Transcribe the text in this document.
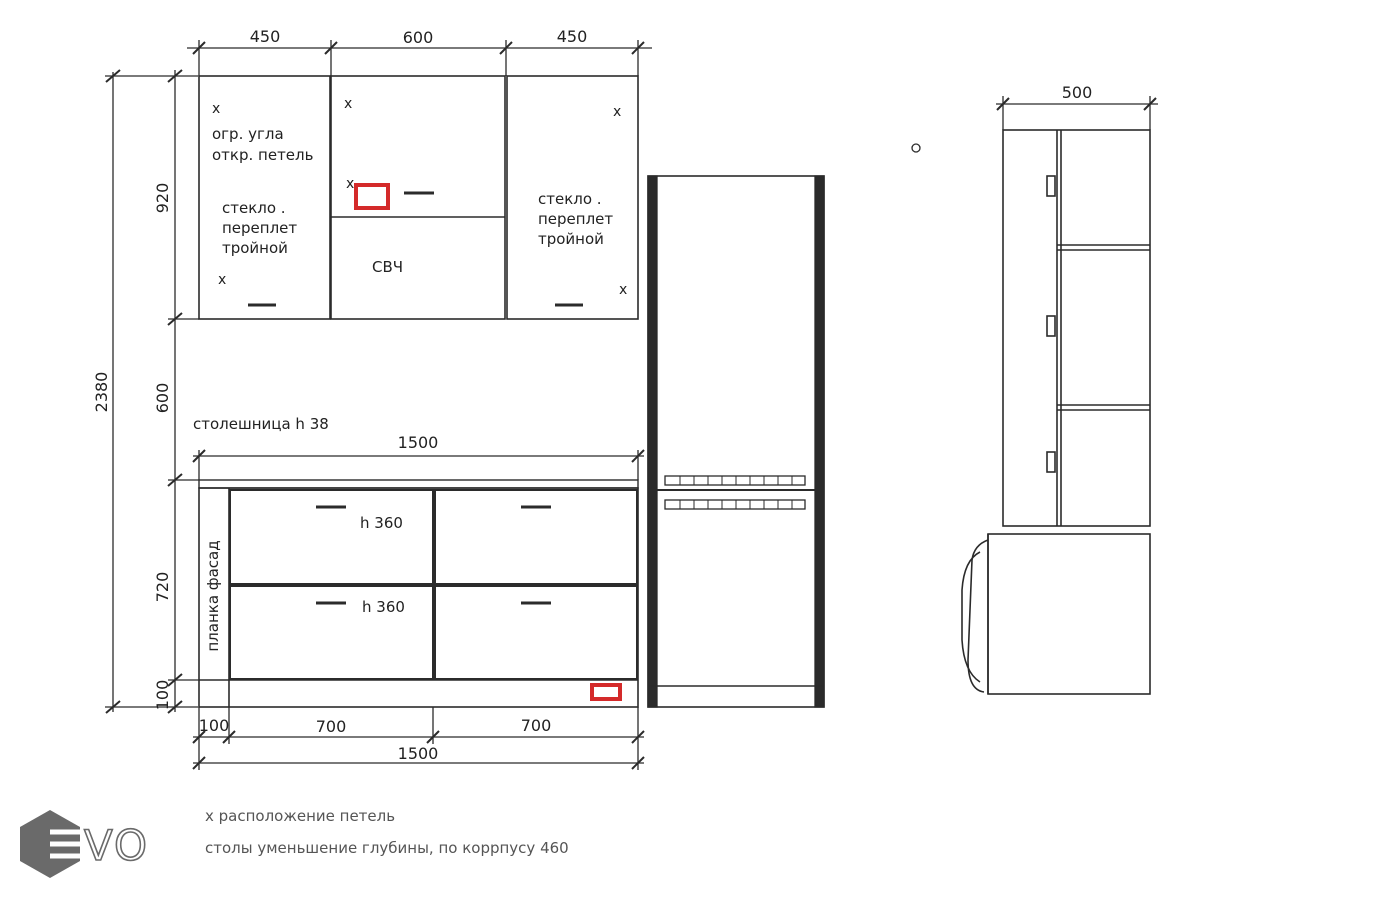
450	600	450
920
600
2380
720
100
x
огр. угла
откр. петель
стекло .
переплет
тройной
x
x
x
СВЧ
x
стекло .
переплет
тройной
x
столешница h 38
1500
планка фасад
h 360
h 360
100	700	700
1500
500
x расположение петель
столы уменьшение глубины, по коррпусу 460
VO
